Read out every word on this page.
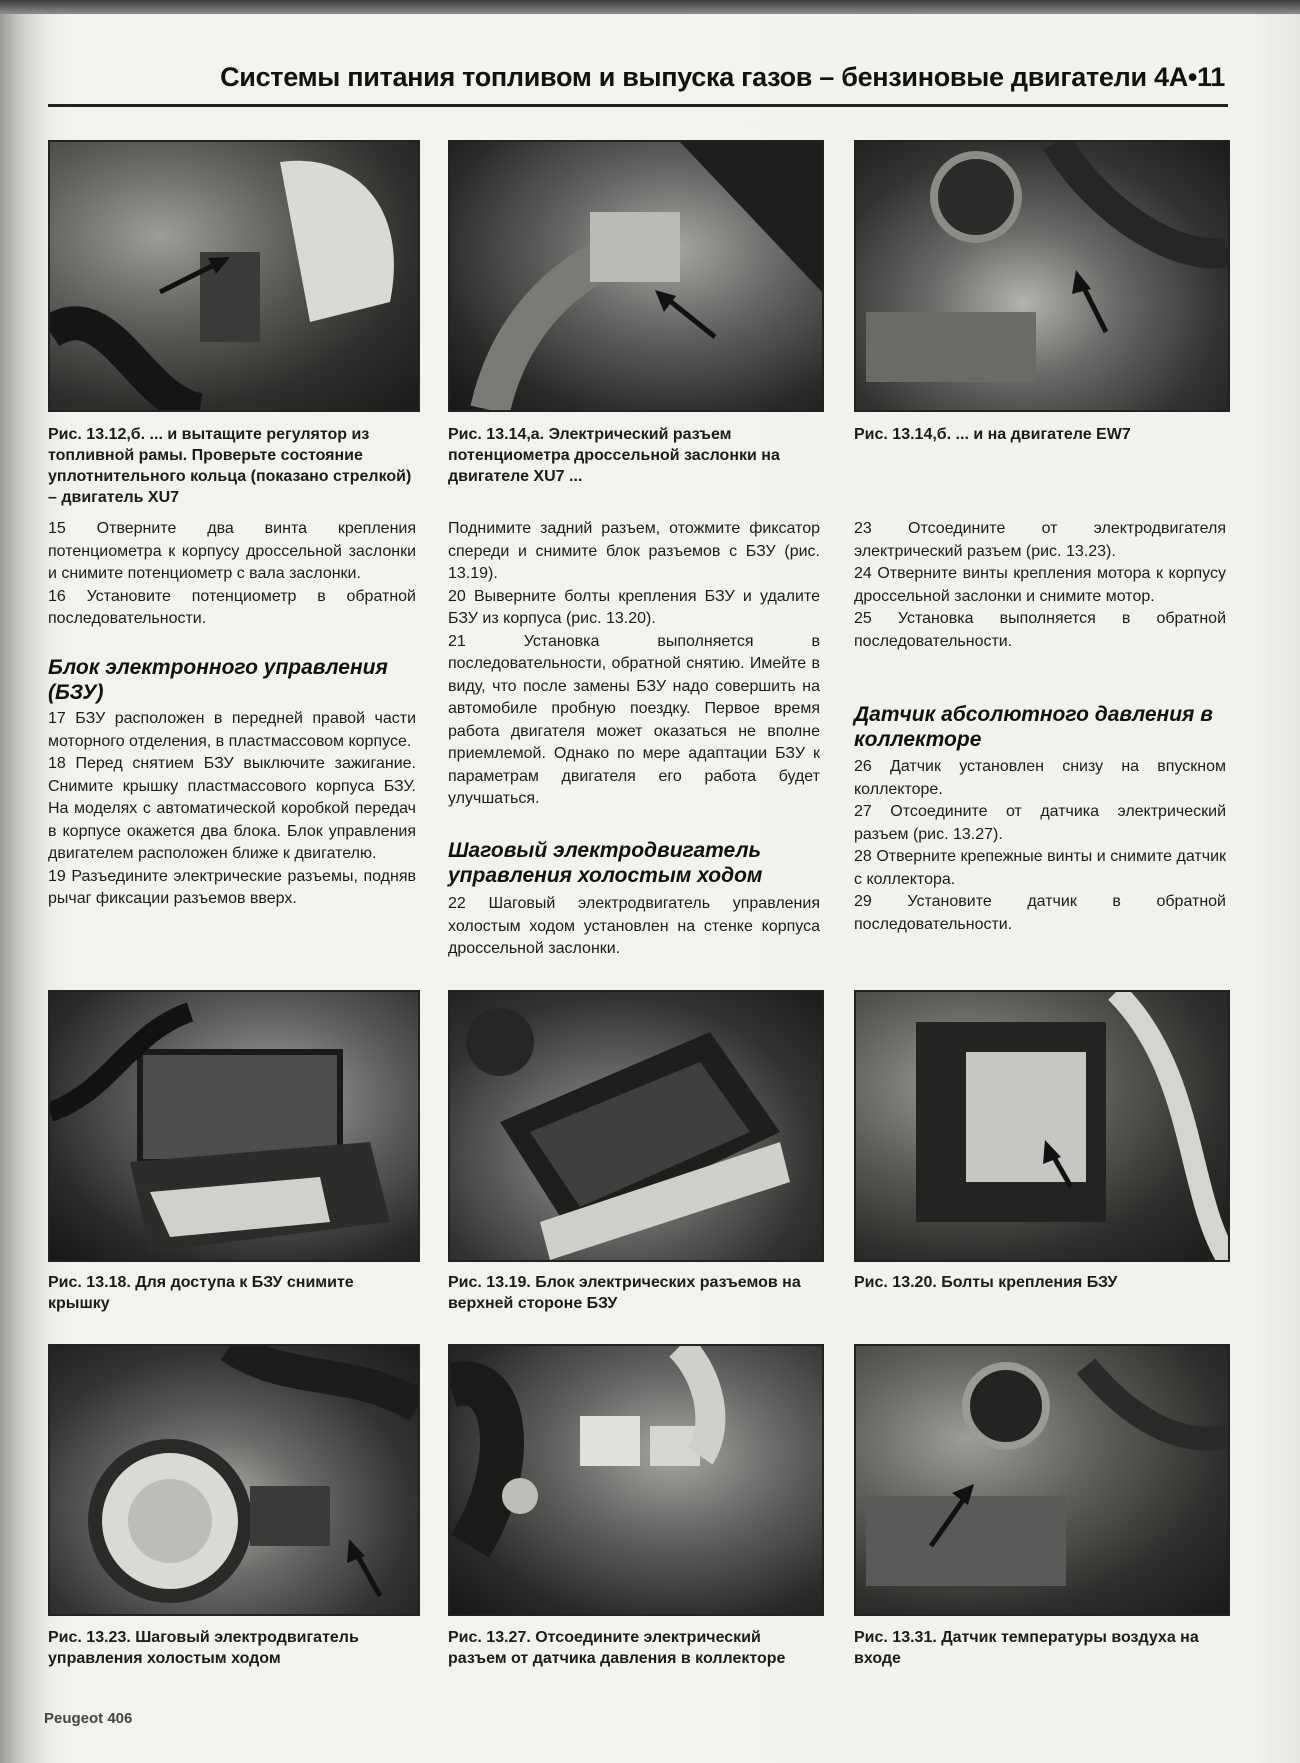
Системы питания топливом и выпуска газов – бензиновые двигатели 4A•11
Рис. 13.12,б. ... и вытащите регулятор из топливной рамы. Проверьте состояние уплотнительного кольца (показано стрелкой) – двигатель XU7
Рис. 13.14,а. Электрический разъем потенциометра дроссельной заслонки на двигателе XU7 ...
Рис. 13.14,б. ... и на двигателе EW7

15 Отверните два винта крепления потенциометра к корпусу дроссельной заслонки и снимите потенциометр с вала заслонки.

16 Установите потенциометр в обратной последовательности.

Блок электронного управления (БЗУ)

17 БЗУ расположен в передней правой части моторного отделения, в пластмассовом корпусе.

18 Перед снятием БЗУ выключите зажигание. Снимите крышку пластмассового корпуса БЗУ. На моделях с автоматической коробкой передач в корпусе окажется два блока. Блок управления двигателем расположен ближе к двигателю.

19 Разъедините электрические разъемы, подняв рычаг фиксации разъемов вверх.

Поднимите задний разъем, отожмите фиксатор спереди и снимите блок разъемов с БЗУ (рис. 13.19).

20 Выверните болты крепления БЗУ и удалите БЗУ из корпуса (рис. 13.20).

21 Установка выполняется в последовательности, обратной снятию. Имейте в виду, что после замены БЗУ надо совершить на автомобиле пробную поездку. Первое время работа двигателя может оказаться не вполне приемлемой. Однако по мере адаптации БЗУ к параметрам двигателя его работа будет улучшаться.

Шаговый электродвигатель управления холостым ходом

22 Шаговый электродвигатель управления холостым ходом установлен на стенке корпуса дроссельной заслонки.

23 Отсоедините от электродвигателя электрический разъем (рис. 13.23).

24 Отверните винты крепления мотора к корпусу дроссельной заслонки и снимите мотор.

25 Установка выполняется в обратной последовательности.

Датчик абсолютного давления в коллекторе

26 Датчик установлен снизу на впускном коллекторе.

27 Отсоедините от датчика электрический разъем (рис. 13.27).

28 Отверните крепежные винты и снимите датчик с коллектора.

29 Установите датчик в обратной последовательности.

Рис. 13.18. Для доступа к БЗУ снимите крышку
Рис. 13.19. Блок электрических разъемов на верхней стороне БЗУ
Рис. 13.20. Болты крепления БЗУ
Рис. 13.23. Шаговый электродвигатель управления холостым ходом
Рис. 13.27. Отсоедините электрический разъем от датчика давления в коллекторе
Рис. 13.31. Датчик температуры воздуха на входе
Peugeot 406
